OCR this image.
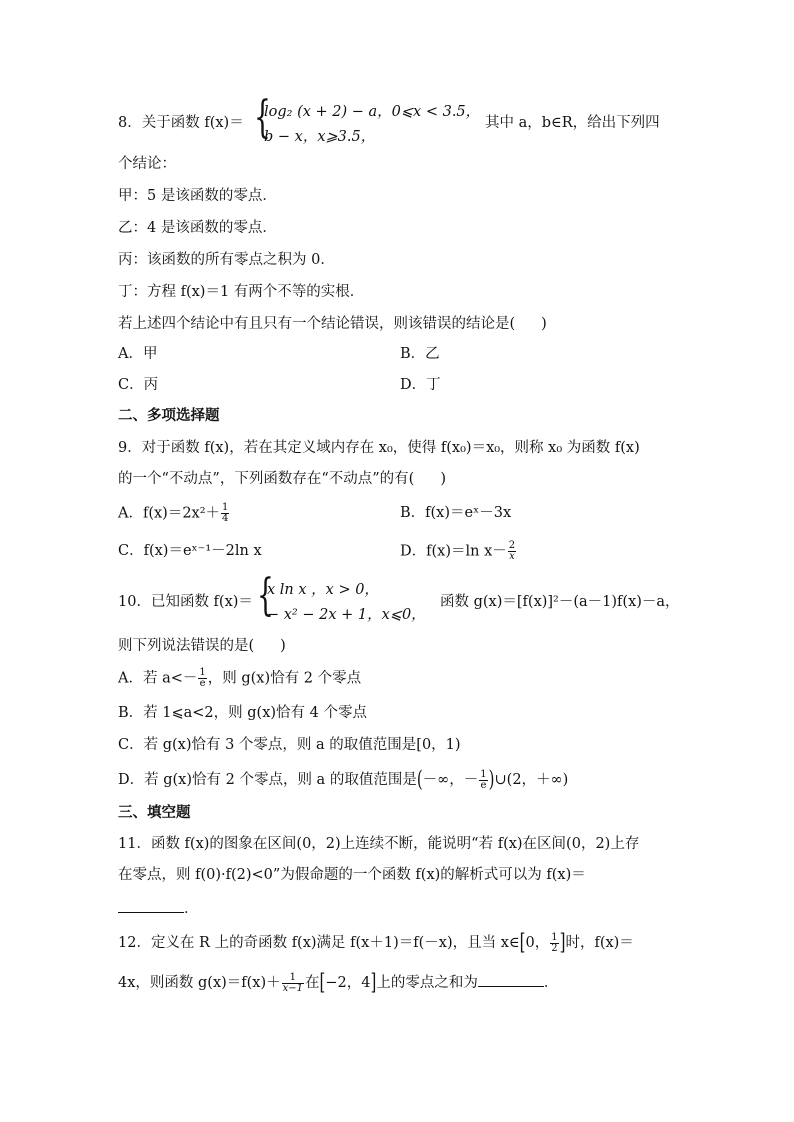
8．关于函数 f(x)＝ {
log₂ (x + 2) − a，0⩽x < 3.5，
b − x，x⩾3.5，
其中 a，b∈R，给出下列四
个结论：
甲：5 是该函数的零点．
乙：4 是该函数的零点．
丙：该函数的所有零点之积为 0．
丁：方程 f(x)＝1 有两个不等的实根．
若上述四个结论中有且只有一个结论错误，则该错误的结论是( )
A．甲	B．乙
C．丙	D．丁
二、多项选择题
9．对于函数 f(x)，若在其定义域内存在 x₀，使得 f(x₀)＝x₀，则称 x₀ 为函数 f(x)
的一个“不动点”，下列函数存在“不动点”的有( )
A．$f(x)=2x^2+ \frac{1}{4}$	B．f(x)＝eˣ－3x
C．f(x)＝eˣ⁻¹－2ln x	D．f(x)＝ln $x- \frac{2}{x}$
10．已知函数 f(x)＝ {
x ln x ，x > 0，
− x² − 2x + 1，x⩽0，
函数 g(x)＝[f(x)]²－(a－1)f(x)－a，
则下列说法错误的是( )
A．若 $a<- \frac{1}{e}$ ，则 g(x)恰有 2 个零点
B．若 1⩽a<2，则 g(x)恰有 4 个零点
C．若 g(x)恰有 3 个零点，则 a 的取值范围是[0，1)
D．若 g(x)恰有 2 个零点，则 a 的取值范围是(－∞，－ $\frac{1}{e}$ )∪(2，＋∞)
三、填空题
11．函数 f(x)的图象在区间(0，2)上连续不断，能说明“若 f(x)在区间(0，2)上存
在零点，则 f(0)·f(2)<0”为假命题的一个函数 f(x)的解析式可以为 f(x)＝
．
12．定义在 R 上的奇函数 f(x)满足 f(x＋1)＝f(－x)，且当 x∈[0， $\frac{1}{2}$ ]时，f(x)＝
4x，则函数 $g(x)=f(x)+ \frac{1}{x-1}$ 在[−2，4]上的零点之和为	．
